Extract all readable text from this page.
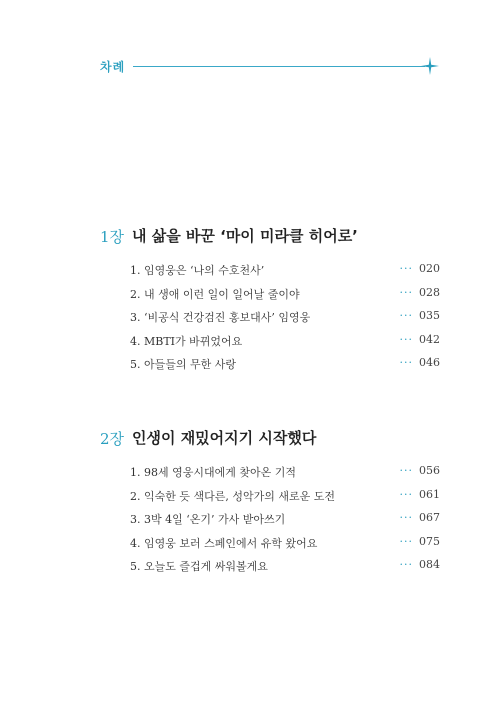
차례
1장 내 삶을 바꾼 ‘마이 미라클 히어로’
1. 임영웅은 ‘나의 수호천사’	··· 020
2. 내 생애 이런 일이 일어날 줄이야	··· 028
3. ‘비공식 건강검진 홍보대사’ 임영웅	··· 035
4. MBTI가 바뀌었어요	··· 042
5. 아들들의 무한 사랑	··· 046
2장 인생이 재밌어지기 시작했다
1. 98세 영웅시대에게 찾아온 기적	··· 056
2. 익숙한 듯 색다른, 성악가의 새로운 도전	··· 061
3. 3박 4일 ‘온기’ 가사 받아쓰기	··· 067
4. 임영웅 보러 스페인에서 유학 왔어요	··· 075
5. 오늘도 즐겁게 싸워볼게요	··· 084
